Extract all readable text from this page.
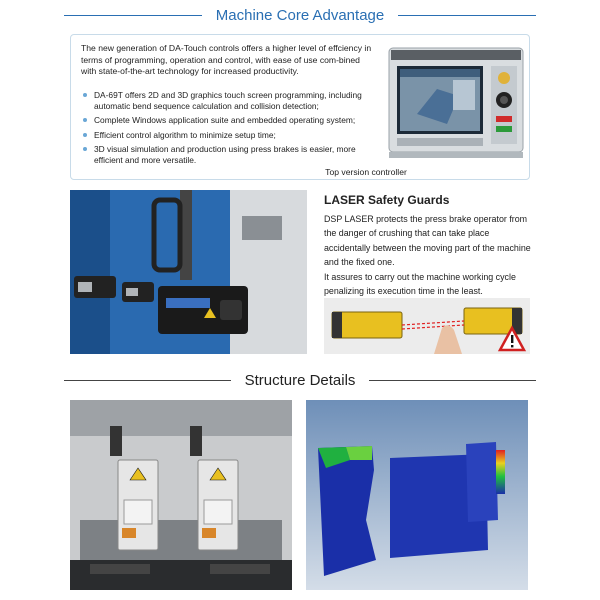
Machine Core Advantage

The new generation of DA-Touch controls offers a higher level of effciency in terms of programming, operation and control, with ease of use com-bined with state-of-the-art technology for increased productivity.

DA-69T offers 2D and 3D graphics touch screen programming, including automatic bend sequence calculation and collision detection;
Complete Windows application suite and embedded operating system;
Efficient control algorithm to minimize setup time;
3D visual simulation and production using press brakes is easier, more efficient and more versatile.
Top version controller
LASER Safety Guards

DSP LASER protects the press brake operator from the danger of crushing that can take place accidentally between the moving part of the machine and the fixed one.

It assures to carry out the machine working cycle penalizing its execution time in the least.

Structure Details
